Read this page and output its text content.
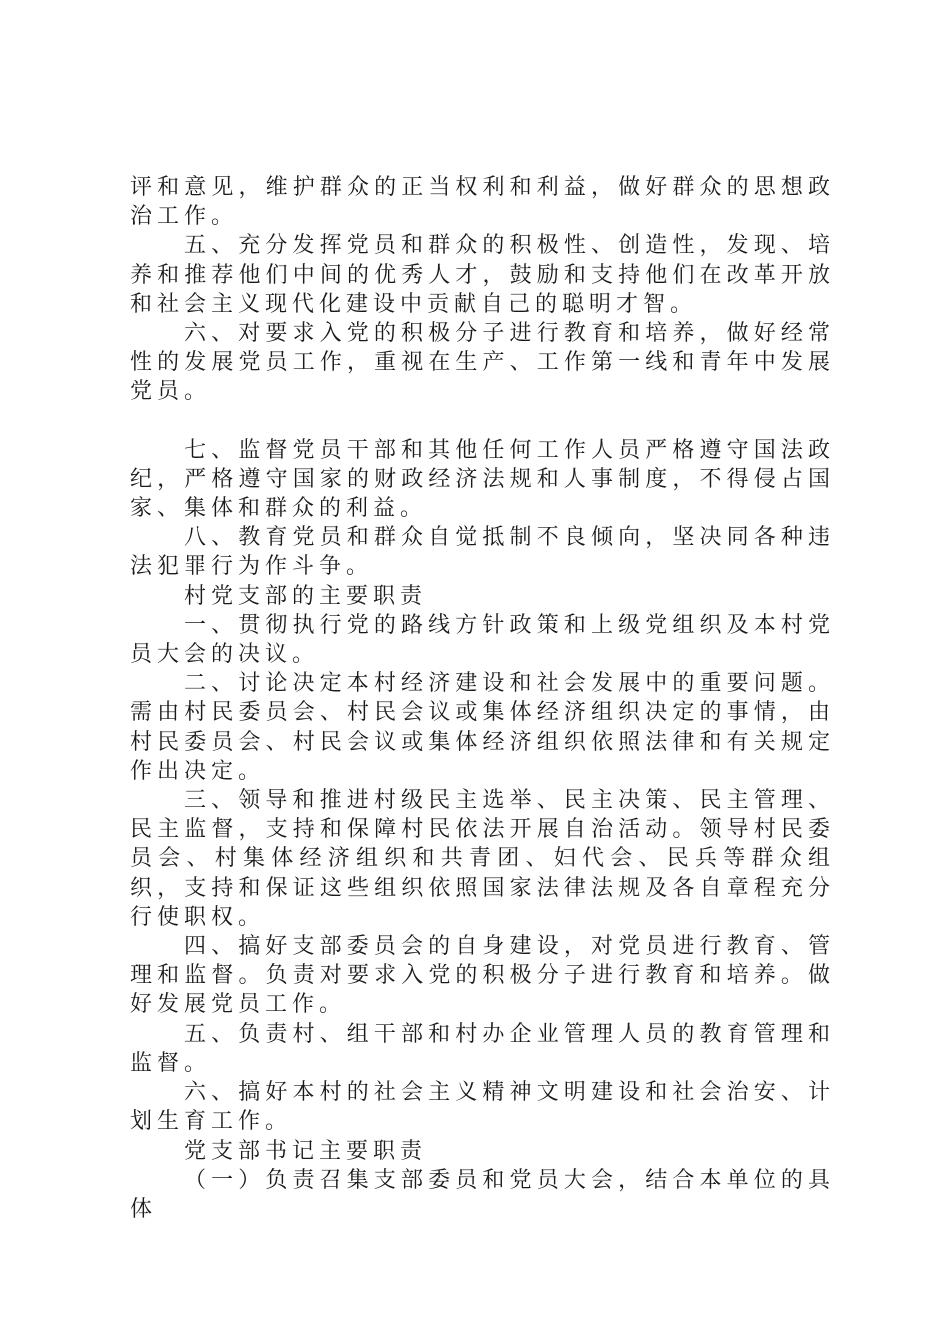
评和意见，维护群众的正当权利和利益，做好群众的思想政治工作。

五、充分发挥党员和群众的积极性、创造性，发现、培养和推荐他们中间的优秀人才，鼓励和支持他们在改革开放和社会主义现代化建设中贡献自己的聪明才智。

六、对要求入党的积极分子进行教育和培养，做好经常性的发展党员工作，重视在生产、工作第一线和青年中发展党员。

七、监督党员干部和其他任何工作人员严格遵守国法政纪，严格遵守国家的财政经济法规和人事制度，不得侵占国家、集体和群众的利益。

八、教育党员和群众自觉抵制不良倾向，坚决同各种违法犯罪行为作斗争。

村党支部的主要职责

一、贯彻执行党的路线方针政策和上级党组织及本村党员大会的决议。

二、讨论决定本村经济建设和社会发展中的重要问题。需由村民委员会、村民会议或集体经济组织决定的事情，由村民委员会、村民会议或集体经济组织依照法律和有关规定作出决定。

三、领导和推进村级民主选举、民主决策、民主管理、民主监督，支持和保障村民依法开展自治活动。领导村民委员会、村集体经济组织和共青团、妇代会、民兵等群众组织，支持和保证这些组织依照国家法律法规及各自章程充分行使职权。

四、搞好支部委员会的自身建设，对党员进行教育、管理和监督。负责对要求入党的积极分子进行教育和培养。做好发展党员工作。

五、负责村、组干部和村办企业管理人员的教育管理和监督。

六、搞好本村的社会主义精神文明建设和社会治安、计划生育工作。

党支部书记主要职责

（一）负责召集支部委员和党员大会，结合本单位的具体
